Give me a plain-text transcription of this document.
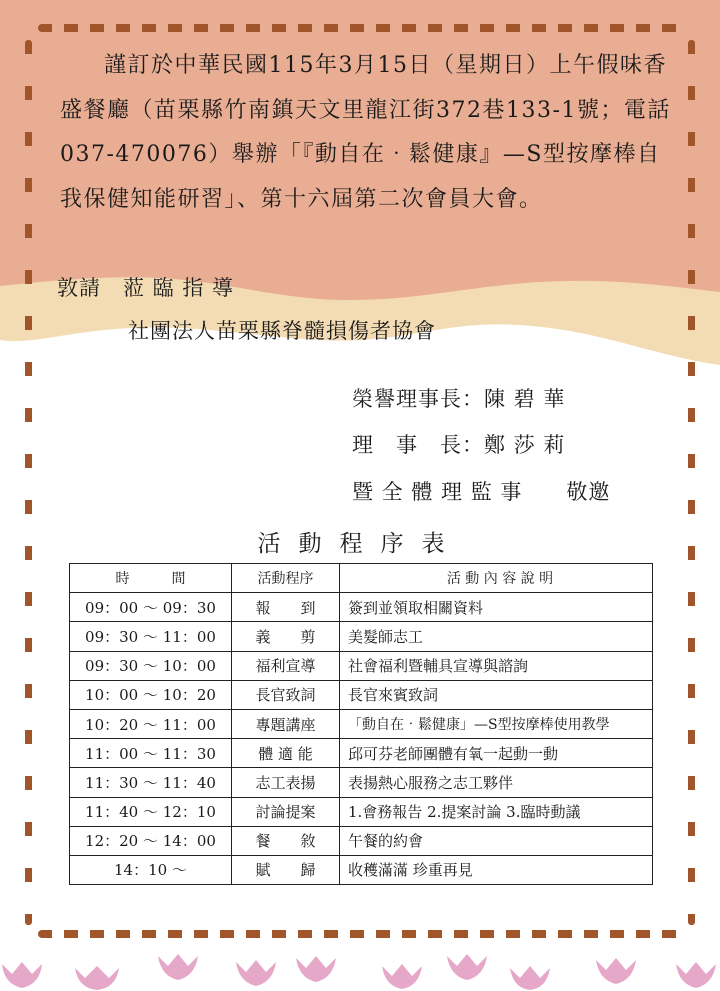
謹訂於中華民國115年3月15日（星期日）上午假味香盛餐廳（苗栗縣竹南鎮天文里龍江街372巷133-1號；電話037-470076）舉辦「『動自在‧鬆健康』—S型按摩棒自我保健知能研習」、第十六屆第二次會員大會。

敦請　蒞 臨 指 導
社團法人苗栗縣脊髓損傷者協會
榮譽理事長：陳 碧 華
理　事　長：鄭 莎 莉
暨 全 體 理 監 事　　敬邀
活動程序表
時　　　間	活動程序	活 動 內 容 說 明
09：00 ～ 09：30	報　　到	簽到並領取相關資料
09：30 ～ 11：00	義　　剪	美髮師志工
09：30 ～ 10：00	福利宣導	社會福利暨輔具宣導與諮詢
10：00 ～ 10：20	長官致詞	長官來賓致詞
10：20 ～ 11：00	專題講座	「動自在‧鬆健康」—S型按摩棒使用教學
11：00 ～ 11：30	體 適 能	邱可芬老師團體有氧一起動一動
11：30 ～ 11：40	志工表揚	表揚熱心服務之志工夥伴
11：40 ～ 12：10	討論提案	1.會務報告 2.提案討論 3.臨時動議
12：20 ～ 14：00	餐　　敘	午餐的約會
14：10 ～	賦　　歸	收穫滿滿 珍重再見
